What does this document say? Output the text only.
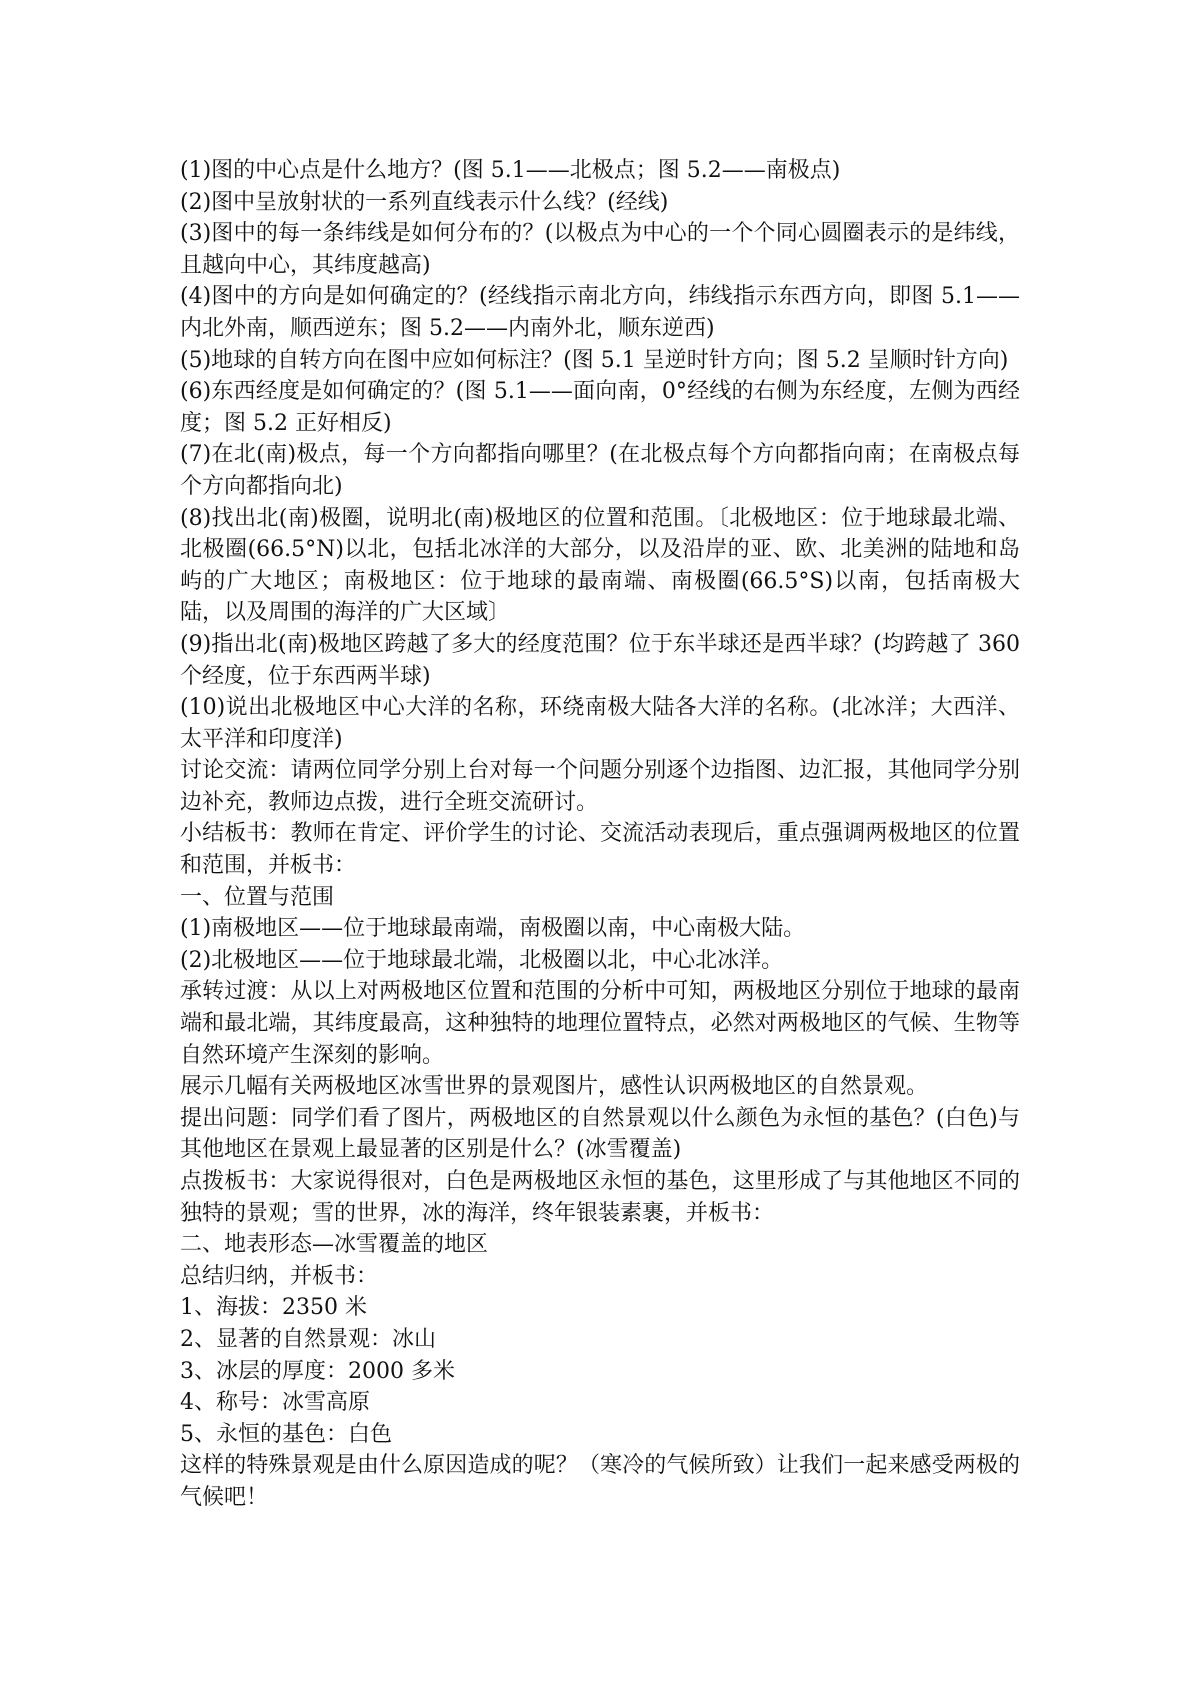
(1)图的中心点是什么地方？(图 5.1——北极点；图 5.2——南极点)

(2)图中呈放射状的一系列直线表示什么线？(经线)

(3)图中的每一条纬线是如何分布的？(以极点为中心的一个个同心圆圈表示的是纬线，且越向中心，其纬度越高)

(4)图中的方向是如何确定的？(经线指示南北方向，纬线指示东西方向，即图 5.1——内北外南，顺西逆东；图 5.2——内南外北，顺东逆西)

(5)地球的自转方向在图中应如何标注？(图 5.1 呈逆时针方向；图 5.2 呈顺时针方向)

(6)东西经度是如何确定的？(图 5.1——面向南，0°经线的右侧为东经度，左侧为西经度；图 5.2 正好相反)

(7)在北(南)极点，每一个方向都指向哪里？(在北极点每个方向都指向南；在南极点每个方向都指向北)

(8)找出北(南)极圈，说明北(南)极地区的位置和范围。〔北极地区：位于地球最北端、北极圈(66.5°N)以北，包括北冰洋的大部分，以及沿岸的亚、欧、北美洲的陆地和岛屿的广大地区；南极地区：位于地球的最南端、南极圈(66.5°S)以南，包括南极大陆，以及周围的海洋的广大区域〕

(9)指出北(南)极地区跨越了多大的经度范围？位于东半球还是西半球？(均跨越了 360 个经度，位于东西两半球)

(10)说出北极地区中心大洋的名称，环绕南极大陆各大洋的名称。(北冰洋；大西洋、太平洋和印度洋)

讨论交流：请两位同学分别上台对每一个问题分别逐个边指图、边汇报，其他同学分别边补充，教师边点拨，进行全班交流研讨。

小结板书：教师在肯定、评价学生的讨论、交流活动表现后，重点强调两极地区的位置和范围，并板书：

一、位置与范围

(1)南极地区——位于地球最南端，南极圈以南，中心南极大陆。

(2)北极地区——位于地球最北端，北极圈以北，中心北冰洋。

承转过渡：从以上对两极地区位置和范围的分析中可知，两极地区分别位于地球的最南端和最北端，其纬度最高，这种独特的地理位置特点，必然对两极地区的气候、生物等自然环境产生深刻的影响。

展示几幅有关两极地区冰雪世界的景观图片，感性认识两极地区的自然景观。

提出问题：同学们看了图片，两极地区的自然景观以什么颜色为永恒的基色？(白色)与其他地区在景观上最显著的区别是什么？(冰雪覆盖)

点拨板书：大家说得很对，白色是两极地区永恒的基色，这里形成了与其他地区不同的独特的景观；雪的世界，冰的海洋，终年银装素裹，并板书：

二、地表形态—冰雪覆盖的地区

总结归纳，并板书：

1、海拔：2350 米

2、显著的自然景观：冰山

3、冰层的厚度：2000 多米

4、称号：冰雪高原

5、永恒的基色：白色

这样的特殊景观是由什么原因造成的呢？（寒冷的气候所致）让我们一起来感受两极的气候吧！
